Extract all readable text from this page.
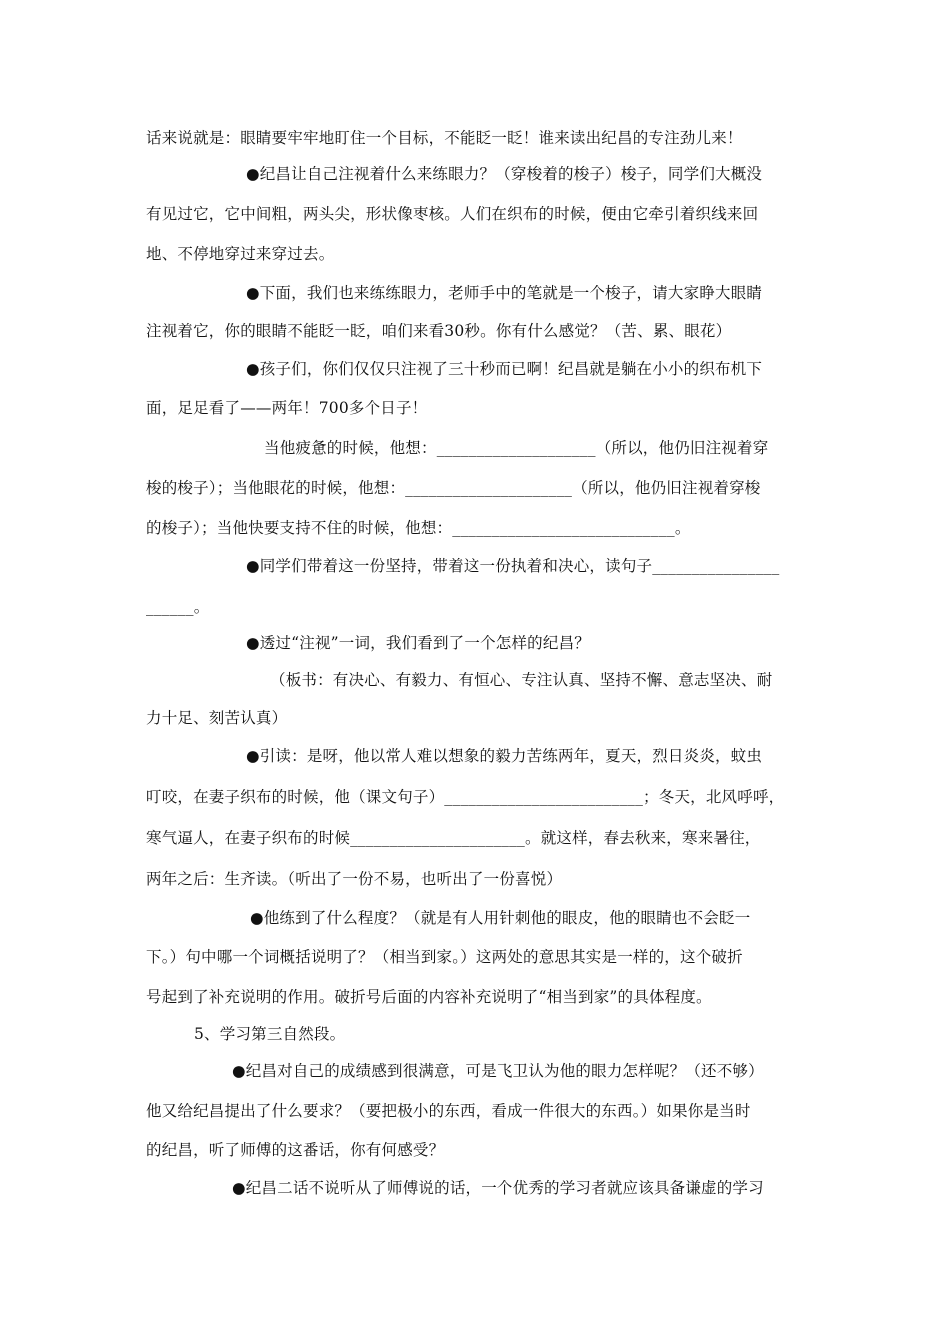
话来说就是：眼睛要牢牢地盯住一个目标，不能眨一眨！谁来读出纪昌的专注劲儿来！
●纪昌让自己注视着什么来练眼力？（穿梭着的梭子）梭子，同学们大概没
有见过它，它中间粗，两头尖，形状像枣核。人们在织布的时候，便由它牵引着织线来回
地、不停地穿过来穿过去。
●下面，我们也来练练眼力，老师手中的笔就是一个梭子，请大家睁大眼睛
注视着它，你的眼睛不能眨一眨，咱们来看30秒。你有什么感觉？（苦、累、眼花）
●孩子们，你们仅仅只注视了三十秒而已啊！纪昌就是躺在小小的织布机下
面，足足看了——两年！700多个日子！
当他疲惫的时候，他想：____________________（所以，他仍旧注视着穿
梭的梭子）；当他眼花的时候，他想：_____________________（所以，他仍旧注视着穿梭
的梭子）；当他快要支持不住的时候，他想：____________________________。
●同学们带着这一份坚持，带着这一份执着和决心，读句子________________
______。
●透过“注视”一词，我们看到了一个怎样的纪昌？
（板书：有决心、有毅力、有恒心、专注认真、坚持不懈、意志坚决、耐
力十足、刻苦认真）
●引读：是呀，他以常人难以想象的毅力苦练两年，夏天，烈日炎炎，蚊虫
叮咬，在妻子织布的时候，他（课文句子）_________________________；冬天，北风呼呼，
寒气逼人，在妻子织布的时候______________________。就这样，春去秋来，寒来暑往，
两年之后：生齐读。（听出了一份不易，也听出了一份喜悦）
●他练到了什么程度？（就是有人用针刺他的眼皮，他的眼睛也不会眨一
下。）句中哪一个词概括说明了？（相当到家。）这两处的意思其实是一样的，这个破折
号起到了补充说明的作用。破折号后面的内容补充说明了“相当到家”的具体程度。
5、学习第三自然段。
●纪昌对自己的成绩感到很满意，可是飞卫认为他的眼力怎样呢？（还不够）
他又给纪昌提出了什么要求？（要把极小的东西，看成一件很大的东西。）如果你是当时
的纪昌，听了师傅的这番话，你有何感受？
●纪昌二话不说听从了师傅说的话，一个优秀的学习者就应该具备谦虚的学习
